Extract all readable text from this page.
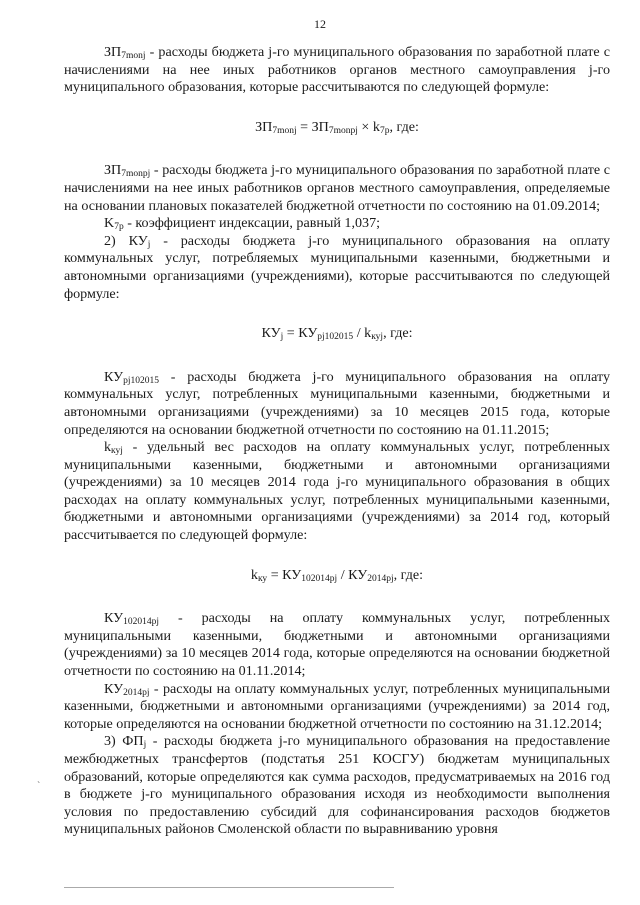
12
`

$ЗП_{7monj}$ - расходы бюджета j-го муниципального образования по заработной плате с начислениями на нее иных работников органов местного самоуправления j-го муниципального образования, которые рассчитываются по следующей формуле:

$ЗП_{7monj} = ЗП_{7monpj} \times k_{7p}$, где:

$ЗП_{7monpj}$ - расходы бюджета j-го муниципального образования по заработной плате с начислениями на нее иных работников органов местного самоуправления, определяемые на основании плановых показателей бюджетной отчетности по состоянию на 01.09.2014;

$K_{7p}$ - коэффициент индексации, равный 1,037;

2) $КУ_j$ - расходы бюджета j-го муниципального образования на оплату коммунальных услуг, потребляемых муниципальными казенными, бюджетными и автономными организациями (учреждениями), которые рассчитываются по следующей формуле:

$КУ_j = КУ_{pj102015} / k_{куj}$, где:

$КУ_{pj102015}$ - расходы бюджета j-го муниципального образования на оплату коммунальных услуг, потребленных муниципальными казенными, бюджетными и автономными организациями (учреждениями) за 10 месяцев 2015 года, которые определяются на основании бюджетной отчетности по состоянию на 01.11.2015;

$k_{куj}$ - удельный вес расходов на оплату коммунальных услуг, потребленных муниципальными казенными, бюджетными и автономными организациями (учреждениями) за 10 месяцев 2014 года j-го муниципального образования в общих расходах на оплату коммунальных услуг, потребленных муниципальными казенными, бюджетными и автономными организациями (учреждениями) за 2014 год, который рассчитывается по следующей формуле:

$k_{ку} = КУ_{102014pj} / КУ_{2014pj}$, где:

$КУ_{102014pj}$ - расходы на оплату коммунальных услуг, потребленных муниципальными казенными, бюджетными и автономными организациями (учреждениями) за 10 месяцев 2014 года, которые определяются на основании бюджетной отчетности по состоянию на 01.11.2014;

$КУ_{2014pj}$ - расходы на оплату коммунальных услуг, потребленных муниципальными казенными, бюджетными и автономными организациями (учреждениями) за 2014 год, которые определяются на основании бюджетной отчетности по состоянию на 31.12.2014;

3) $ФП_j$ - расходы бюджета j-го муниципального образования на предоставление межбюджетных трансфертов (подстатья 251 КОСГУ) бюджетам муниципальных образований, которые определяются как сумма расходов, предусматриваемых на 2016 год в бюджете j-го муниципального образования исходя из необходимости выполнения условия по предоставлению субсидий для софинансирования расходов бюджетов муниципальных районов Смоленской области по выравниванию уровня
